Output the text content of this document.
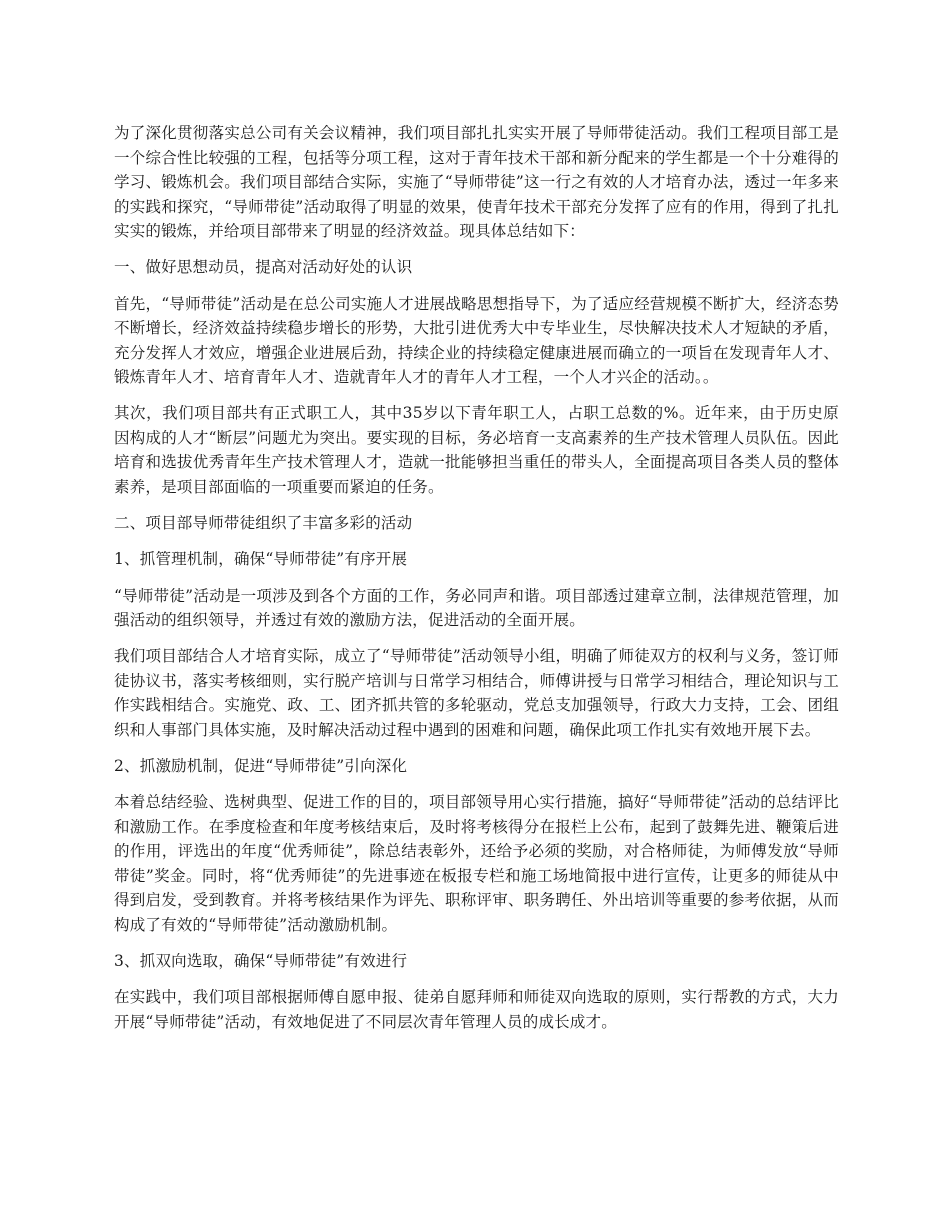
为了深化贯彻落实总公司有关会议精神，我们项目部扎扎实实开展了导师带徒活动。我们工程项目部工是一个综合性比较强的工程，包括等分项工程，这对于青年技术干部和新分配来的学生都是一个十分难得的学习、锻炼机会。我们项目部结合实际，实施了“导师带徒”这一行之有效的人才培育办法，透过一年多来的实践和探究，“导师带徒”活动取得了明显的效果，使青年技术干部充分发挥了应有的作用，得到了扎扎实实的锻炼，并给项目部带来了明显的经济效益。现具体总结如下：

一、做好思想动员，提高对活动好处的认识

首先，“导师带徒”活动是在总公司实施人才进展战略思想指导下，为了适应经营规模不断扩大，经济态势不断增长，经济效益持续稳步增长的形势，大批引进优秀大中专毕业生，尽快解决技术人才短缺的矛盾，充分发挥人才效应，增强企业进展后劲，持续企业的持续稳定健康进展而确立的一项旨在发现青年人才、锻炼青年人才、培育青年人才、造就青年人才的青年人才工程，一个人才兴企的活动。。

其次，我们项目部共有正式职工人，其中35岁以下青年职工人，占职工总数的%。近年来，由于历史原因构成的人才“断层”问题尤为突出。要实现的目标，务必培育一支高素养的生产技术管理人员队伍。因此培育和选拔优秀青年生产技术管理人才，造就一批能够担当重任的带头人，全面提高项目各类人员的整体素养，是项目部面临的一项重要而紧迫的任务。

二、项目部导师带徒组织了丰富多彩的活动

1、抓管理机制，确保“导师带徒”有序开展

“导师带徒”活动是一项涉及到各个方面的工作，务必同声和谐。项目部透过建章立制，法律规范管理，加强活动的组织领导，并透过有效的激励方法，促进活动的全面开展。

我们项目部结合人才培育实际，成立了“导师带徒”活动领导小组，明确了师徒双方的权利与义务，签订师徒协议书，落实考核细则，实行脱产培训与日常学习相结合，师傅讲授与日常学习相结合，理论知识与工作实践相结合。实施党、政、工、团齐抓共管的多轮驱动，党总支加强领导，行政大力支持，工会、团组织和人事部门具体实施，及时解决活动过程中遇到的困难和问题，确保此项工作扎实有效地开展下去。

2、抓激励机制，促进“导师带徒”引向深化

本着总结经验、选树典型、促进工作的目的，项目部领导用心实行措施，搞好“导师带徒”活动的总结评比和激励工作。在季度检查和年度考核结束后，及时将考核得分在报栏上公布，起到了鼓舞先进、鞭策后进的作用，评选出的年度“优秀师徒”，除总结表彰外，还给予必须的奖励，对合格师徒，为师傅发放“导师带徒”奖金。同时，将“优秀师徒”的先进事迹在板报专栏和施工场地简报中进行宣传，让更多的师徒从中得到启发，受到教育。并将考核结果作为评先、职称评审、职务聘任、外出培训等重要的参考依据，从而构成了有效的“导师带徒”活动激励机制。

3、抓双向选取，确保“导师带徒”有效进行

在实践中，我们项目部根据师傅自愿申报、徒弟自愿拜师和师徒双向选取的原则，实行帮教的方式，大力开展“导师带徒”活动，有效地促进了不同层次青年管理人员的成长成才。
